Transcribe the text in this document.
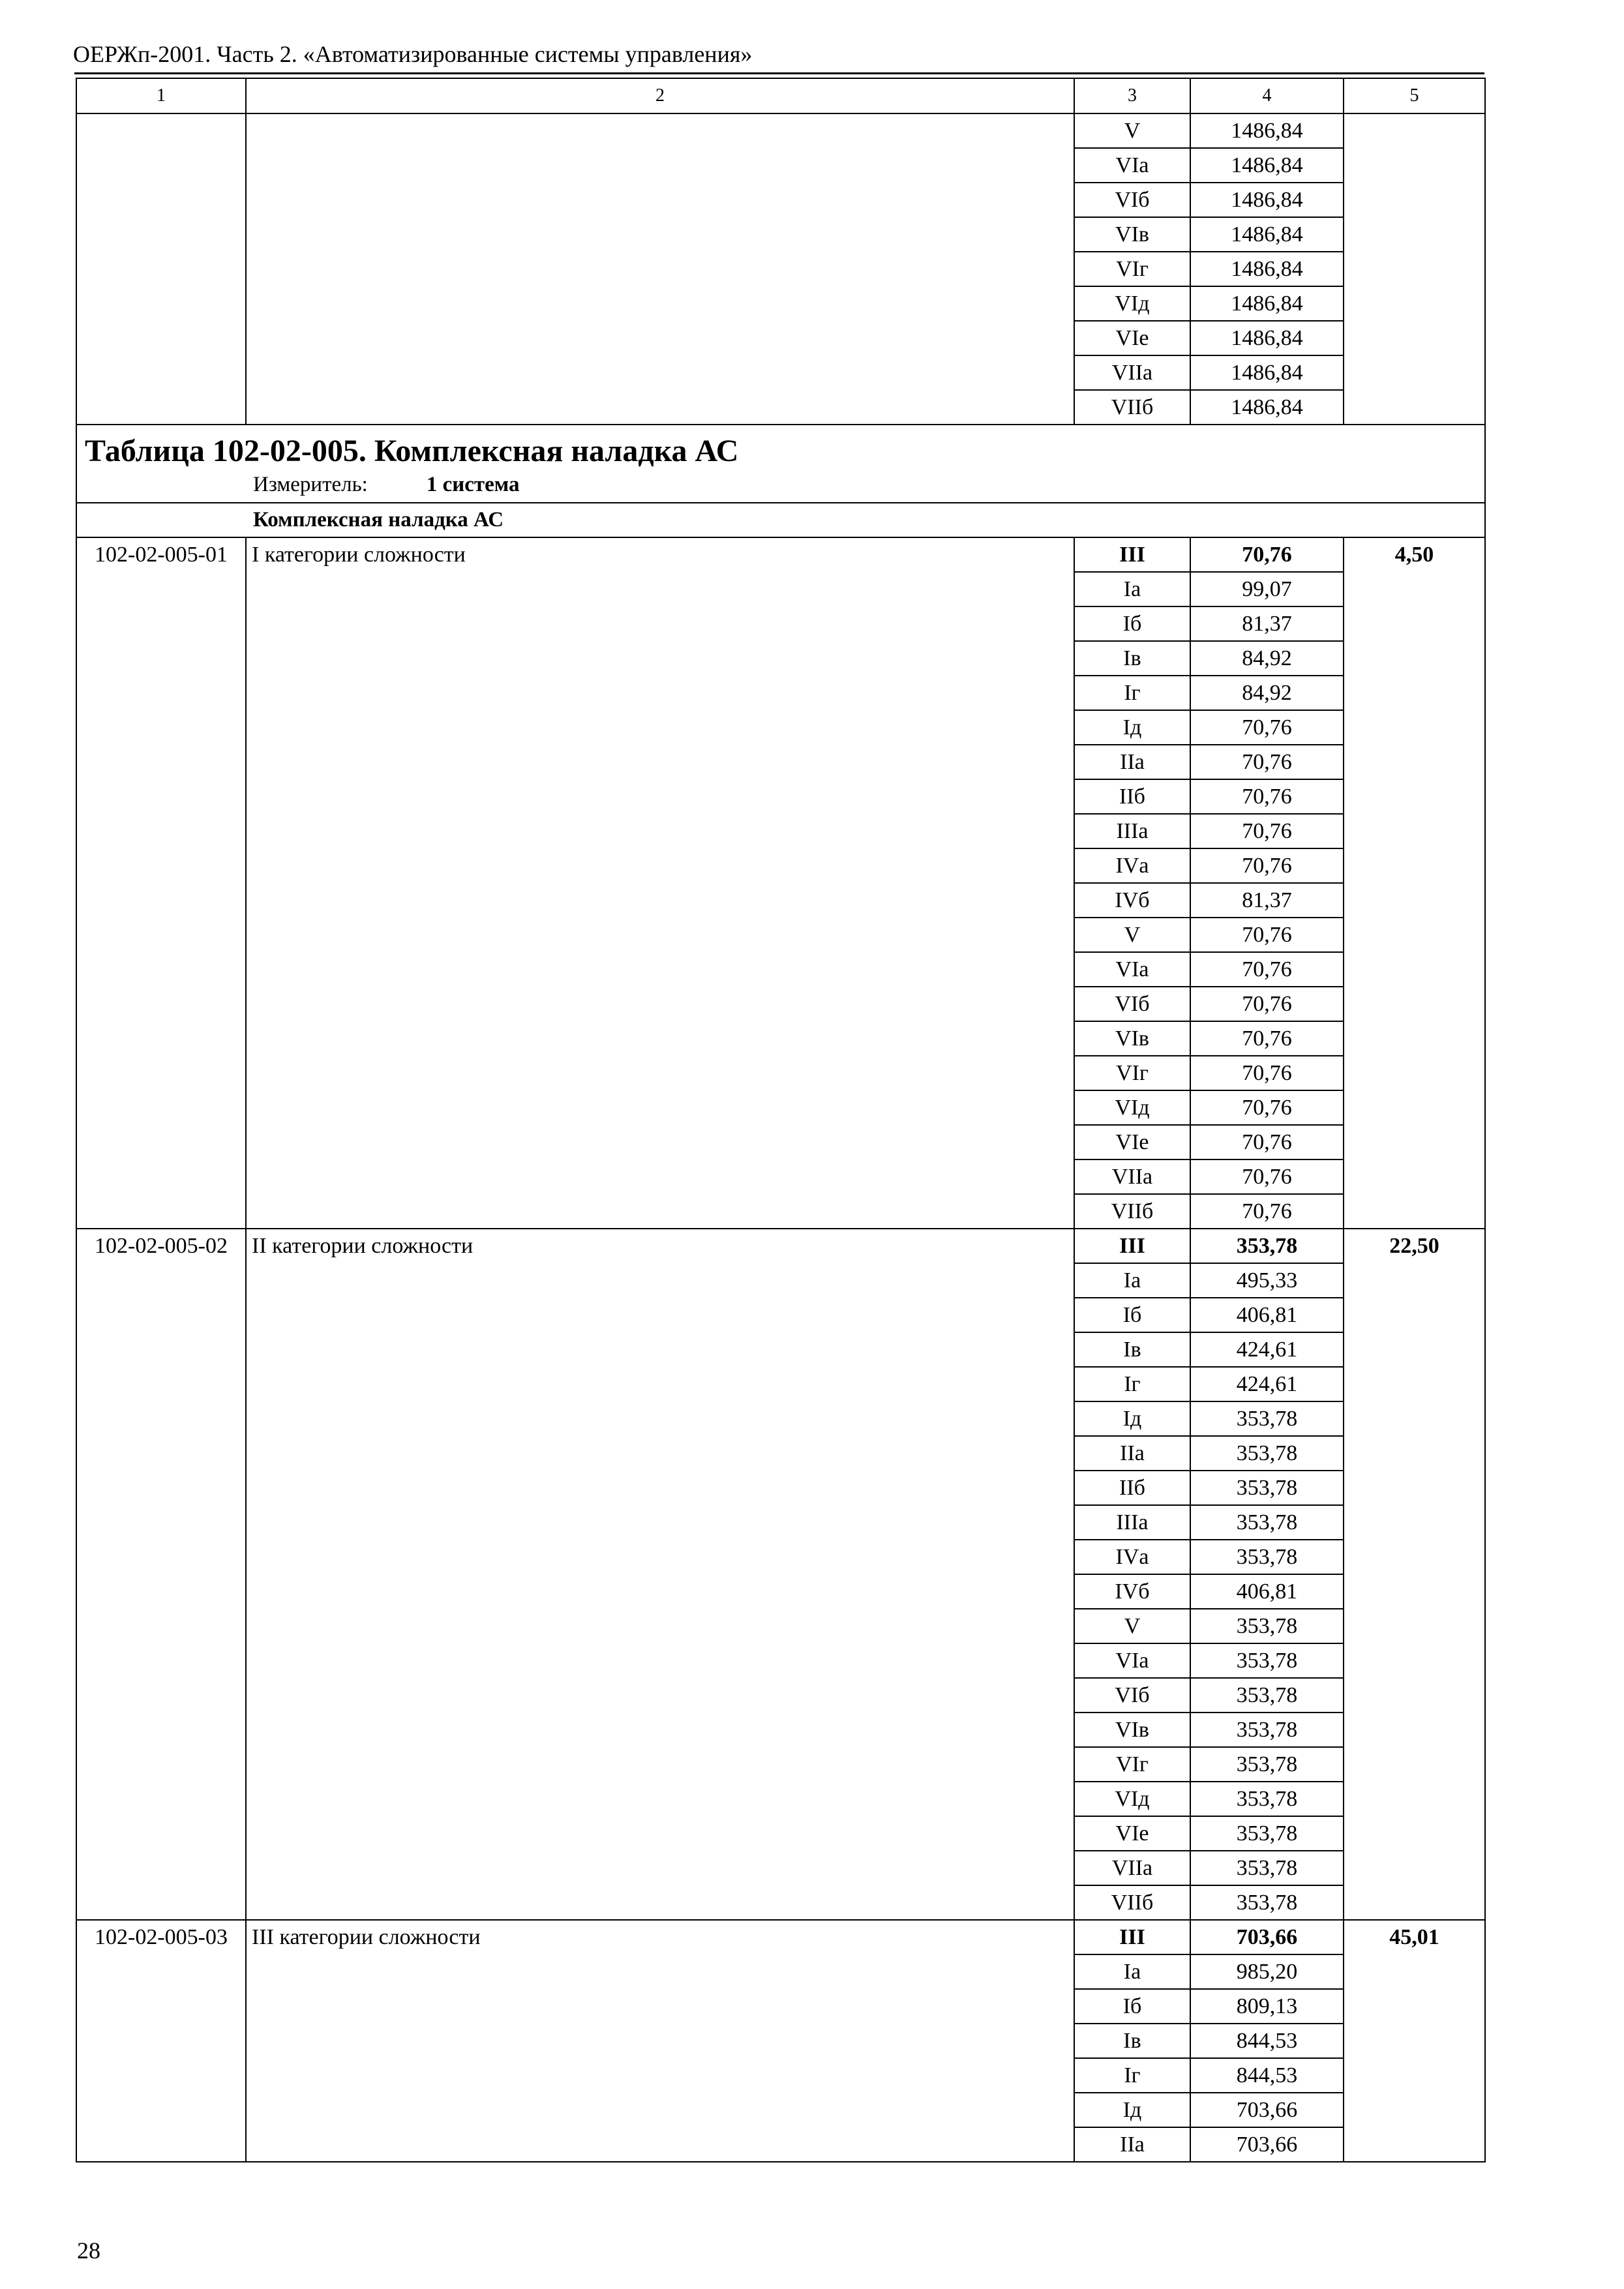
ОЕРЖп-2001. Часть 2. «Автоматизированные системы управления»
1	2	3	4	5
		V	1486,84	
		VIа	1486,84	
		VIб	1486,84	
		VIв	1486,84	
		VIг	1486,84	
		VIд	1486,84	
		VIе	1486,84	
		VIIа	1486,84	
		VIIб	1486,84	

Таблица 102-02-005. Комплексная наладка АС
Измеритель: 1 система				

Комплексная наладка АС				
102-02-005-01	I категории сложности	III	70,76	4,50
		Iа	99,07	
		Iб	81,37	
		Iв	84,92	
		Iг	84,92	
		Iд	70,76	
		IIа	70,76	
		IIб	70,76	
		IIIа	70,76	
		IVа	70,76	
		IVб	81,37	
		V	70,76	
		VIа	70,76	
		VIб	70,76	
		VIв	70,76	
		VIг	70,76	
		VIд	70,76	
		VIе	70,76	
		VIIа	70,76	
		VIIб	70,76	
102-02-005-02	II категории сложности	III	353,78	22,50
		Iа	495,33	
		Iб	406,81	
		Iв	424,61	
		Iг	424,61	
		Iд	353,78	
		IIа	353,78	
		IIб	353,78	
		IIIа	353,78	
		IVа	353,78	
		IVб	406,81	
		V	353,78	
		VIа	353,78	
		VIб	353,78	
		VIв	353,78	
		VIг	353,78	
		VIд	353,78	
		VIе	353,78	
		VIIа	353,78	
		VIIб	353,78	
102-02-005-03	III категории сложности	III	703,66	45,01
		Iа	985,20	
		Iб	809,13	
		Iв	844,53	
		Iг	844,53	
		Iд	703,66	
		IIа	703,66	
28
